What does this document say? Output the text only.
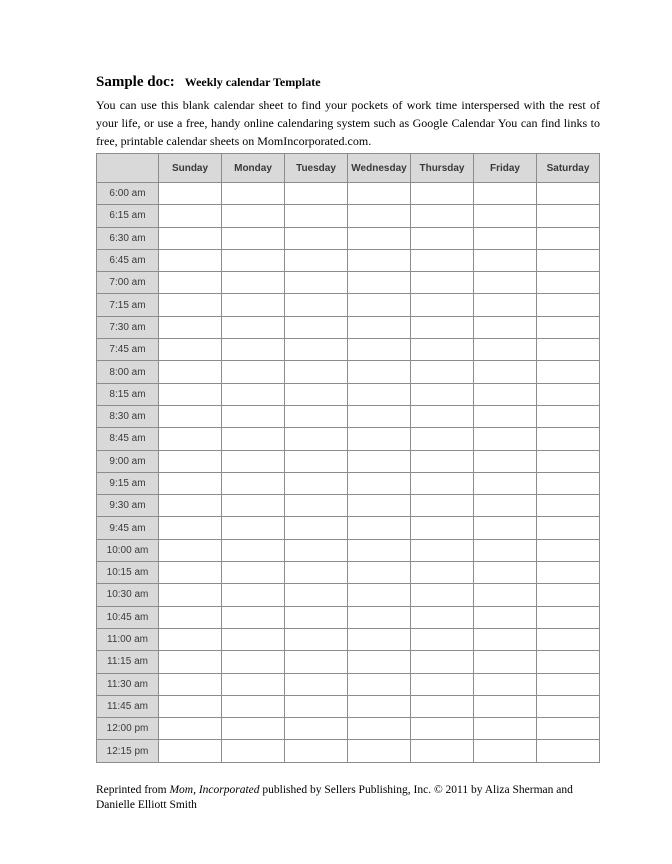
Sample doc: Weekly calendar Template

You can use this blank calendar sheet to find your pockets of work time interspersed with the rest of your life, or use a free, handy online calendaring system such as Google Calendar You can find links to free, printable calendar sheets on MomIncorporated.com.

	Sunday	Monday	Tuesday	Wednesday	Thursday	Friday	Saturday
6:00 am							
6:15 am							
6:30 am							
6:45 am							
7:00 am							
7:15 am							
7:30 am							
7:45 am							
8:00 am							
8:15 am							
8:30 am							
8:45 am							
9:00 am							
9:15 am							
9:30 am							
9:45 am							
10:00 am							
10:15 am							
10:30 am							
10:45 am							
11:00 am							
11:15 am							
11:30 am							
11:45 am							
12:00 pm							
12:15 pm							
Reprinted from Mom, Incorporated published by Sellers Publishing, Inc. © 2011 by Aliza Sherman and Danielle Elliott Smith
